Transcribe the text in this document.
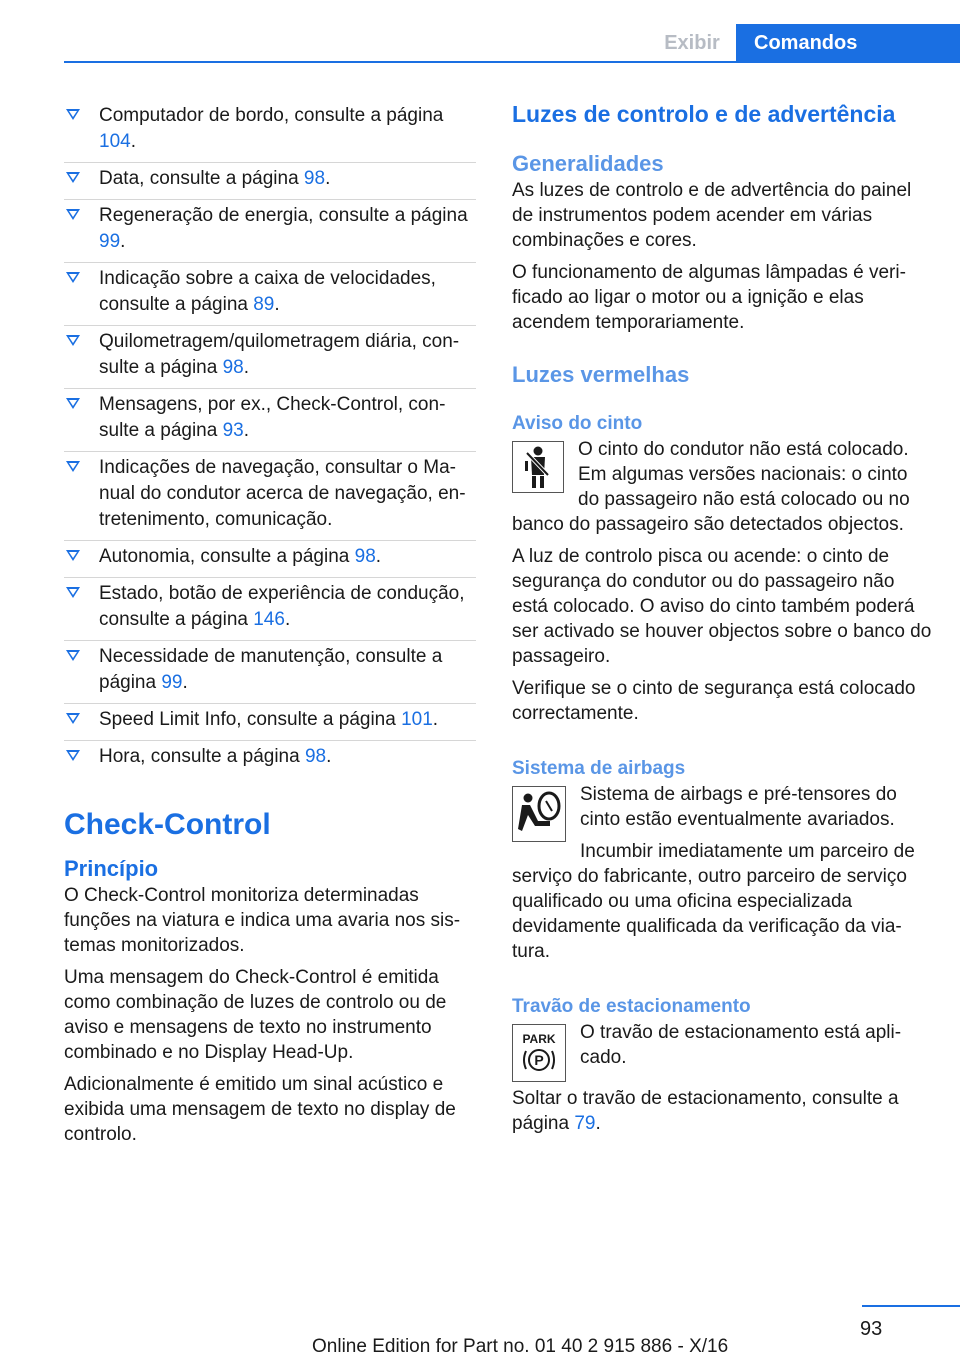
Exibir	Comandos
Computador de bordo, consulte a página 104.
Data, consulte a página 98.
Regeneração de energia, consulte a página 99.
Indicação sobre a caixa de velocidades, consulte a página 89.
Quilometragem/quilometragem diária, consulte a página 98.
Mensagens, por ex., Check-Control, consulte a página 93.
Indicações de navegação, consultar o Manual do condutor acerca de navegação, entretenimento, comunicação.
Autonomia, consulte a página 98.
Estado, botão de experiência de condução, consulte a página 146.
Necessidade de manutenção, consulte a página 99.
Speed Limit Info, consulte a página 101.
Hora, consulte a página 98.
Check-Control
Princípio

O Check-Control monitoriza determinadas funções na viatura e indica uma avaria nos sistemas monitorizados.

Uma mensagem do Check-Control é emitida como combinação de luzes de controlo ou de aviso e mensagens de texto no instrumento combinado e no Display Head-Up.

Adicionalmente é emitido um sinal acústico e exibida uma mensagem de texto no display de controlo.

Luzes de controlo e de advertência
Generalidades

As luzes de controlo e de advertência do painel de instrumentos podem acender em várias combinações e cores.

O funcionamento de algumas lâmpadas é verificado ao ligar o motor ou a ignição e elas acendem temporariamente.

Luzes vermelhas
Aviso do cinto

O cinto do condutor não está colocado. Em algumas versões nacionais: o cinto do passageiro não está colocado ou no banco do passageiro são detectados objectos.

A luz de controlo pisca ou acende: o cinto de segurança do condutor ou do passageiro não está colocado. O aviso do cinto também poderá ser activado se houver objectos sobre o banco do passageiro.

Verifique se o cinto de segurança está colocado correctamente.

Sistema de airbags

Sistema de airbags e pré-tensores do cinto estão eventualmente avariados.

Incumbir imediatamente um parceiro de serviço do fabricante, outro parceiro de serviço qualificado ou uma oficina especializada devidamente qualificada da verificação da viatura.

Travão de estacionamento
PARK
P

O travão de estacionamento está aplicado.

Soltar o travão de estacionamento, consulte a página 79.

93
Online Edition for Part no. 01 40 2 915 886 - X/16
